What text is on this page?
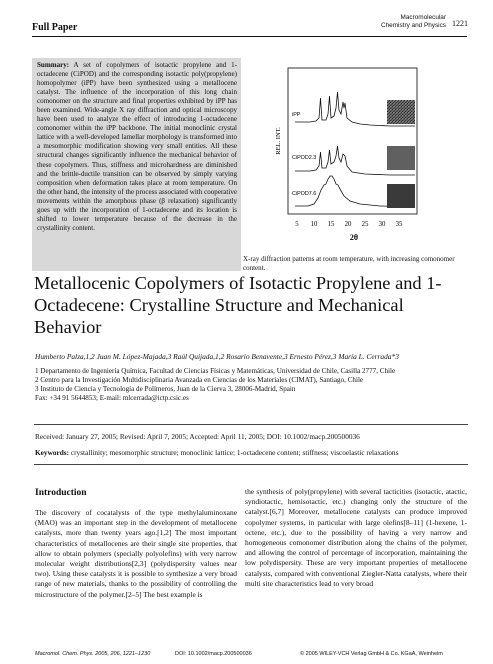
Full Paper
Macromolecular
Chemistry and Physics 1221
Summary: A set of copolymers of isotactic propylene and 1-octadecene (CiPOD) and the corresponding isotactic poly(propylene) homopolymer (iPP) have been synthesized using a metallocene catalyst. The influence of the incorporation of this long chain comonomer on the structure and final properties exhibited by iPP has been examined. Wide-angle X ray diffraction and optical microscopy have been used to analyze the effect of introducing 1-octadecene comonomer within the iPP backbone. The initial monoclinic crystal lattice with a well-developed lamellar morphology is transformed into a mesomorphic modification showing very small entities. All these structural changes significantly influence the mechanical behavior of these copolymers. Thus, stiffness and microhardness are diminished and the brittle-ductile transition can be observed by simply varying composition when deformation takes place at room temperature. On the other hand, the intensity of the process associated with cooperative movements within the amorphous phase (β relaxation) significantly goes up with the incorporation of 1-octadecene and its location is shifted to lower temperature because of the decrease in the crystallinity content.
REL. INT.
iPP
CiPOD2.3
CiPOD7.6
5 10 15 20 25 30 35
2θ
X-ray diffraction patterns at room temperature, with increasing comonomer content.
Metallocenic Copolymers of Isotactic Propylene and 1-Octadecene: Crystalline Structure and Mechanical Behavior
Humberto Palza,1,2 Juan M. López-Majada,3 Raúl Quijada,1,2 Rosario Benavente,3 Ernesto Pérez,3 María L. Cerrada*3
1 Departamento de Ingeniería Química, Facultad de Ciencias Físicas y Matemáticas, Universidad de Chile, Casilla 2777, Chile
2 Centro para la Investigación Multidisciplinaria Avanzada en Ciencias de los Materiales (CIMAT), Santiago, Chile
3 Instituto de Ciencia y Tecnología de Polímeros, Juan de la Cierva 3, 28006-Madrid, Spain
Fax: +34 91 5644853; E-mail: mlcerrada@ictp.csic.es
Received: January 27, 2005; Revised: April 7, 2005; Accepted: April 11, 2005; DOI: 10.1002/macp.200500036
Keywords: crystallinity; mesomorphic structure; monoclinic lattice; 1-octadecene content; stiffness; viscoelastic relaxations
Introduction
The discovery of cocatalysts of the type methylaluminoxane (MAO) was an important step in the development of metallocene catalysts, more than twenty years ago.[1,2] The most important characteristics of metallocenes are their single site properties, that allow to obtain polymers (specially polyolefins) with very narrow molecular weight distributions[2,3] (polydispersity values near two). Using these catalysts it is possible to synthesize a very broad range of new materials, thanks to the possibility of controlling the microstructure of the polymer.[2–5] The best example is
the synthesis of poly(propylene) with several tacticities (isotactic, atactic, syndiotactic, hemisotactic, etc.) changing only the structure of the catalyst.[6,7] Moreover, metallocene catalysts can produce improved copolymer systems, in particular with large olefins[8–11] (1-hexene, 1-octene, etc.), due to the possibility of having a very narrow and homogeneous comonomer distribution along the chains of the polymer, and allowing the control of percentage of incorporation, maintaining the low polydispersity. These are very important properties of metallocene catalysts, compared with conventional Ziegler-Natta catalysts, where their multi site characteristics lead to very broad
Macromol. Chem. Phys. 2005, 206, 1221–1230	DOI: 10.1002/macp.200500036	© 2005 WILEY-VCH Verlag GmbH & Co. KGaA, Weinheim
